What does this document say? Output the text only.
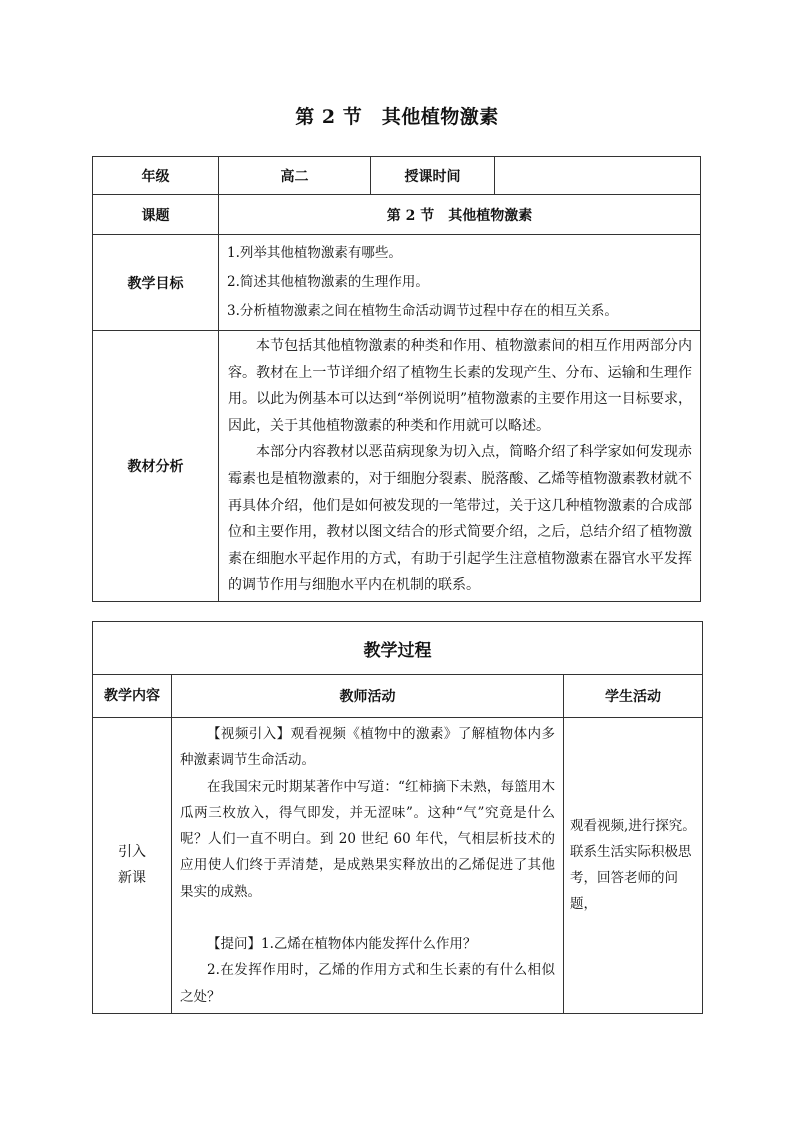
第 2 节　其他植物激素
年级	高二	授课时间	
课题	第 2 节　其他植物激素		
教学目标	1.列举其他植物激素有哪些。
2.简述其他植物激素的生理作用。
3.分析植物激素之间在植物生命活动调节过程中存在的相互关系。		

教材分析	本节包括其他植物激素的种类和作用、植物激素间的相互作用两部分内容。教材在上一节详细介绍了植物生长素的发现产生、分布、运输和生理作用。以此为例基本可以达到“举例说明”植物激素的主要作用这一目标要求，因此，关于其他植物激素的种类和作用就可以略述。

本部分内容教材以恶苗病现象为切入点，简略介绍了科学家如何发现赤霉素也是植物激素的，对于细胞分裂素、脱落酸、乙烯等植物激素教材就不再具体介绍，他们是如何被发现的一笔带过，关于这几种植物激素的合成部位和主要作用，教材以图文结合的形式简要介绍，之后，总结介绍了植物激素在细胞水平起作用的方式，有助于引起学生注意植物激素在器官水平发挥的调节作用与细胞水平内在机制的联系。		

教学过程		
教学内容	教师活动	学生活动
引入新课	【视频引入】观看视频《植物中的激素》了解植物体内多种激素调节生命活动。

在我国宋元时期某著作中写道：“红柿摘下未熟，每篮用木瓜两三枚放入，得气即发，并无涩味”。这种“气”究竟是什么呢？人们一直不明白。到 20 世纪 60 年代，气相层析技术的应用使人们终于弄清楚，是成熟果实释放出的乙烯促进了其他果实的成熟。

【提问】1.乙烯在植物体内能发挥什么作用？

2.在发挥作用时，乙烯的作用方式和生长素的有什么相似之处？	观看视频,进行探究。联系生活实际积极思考，回答老师的问题，
